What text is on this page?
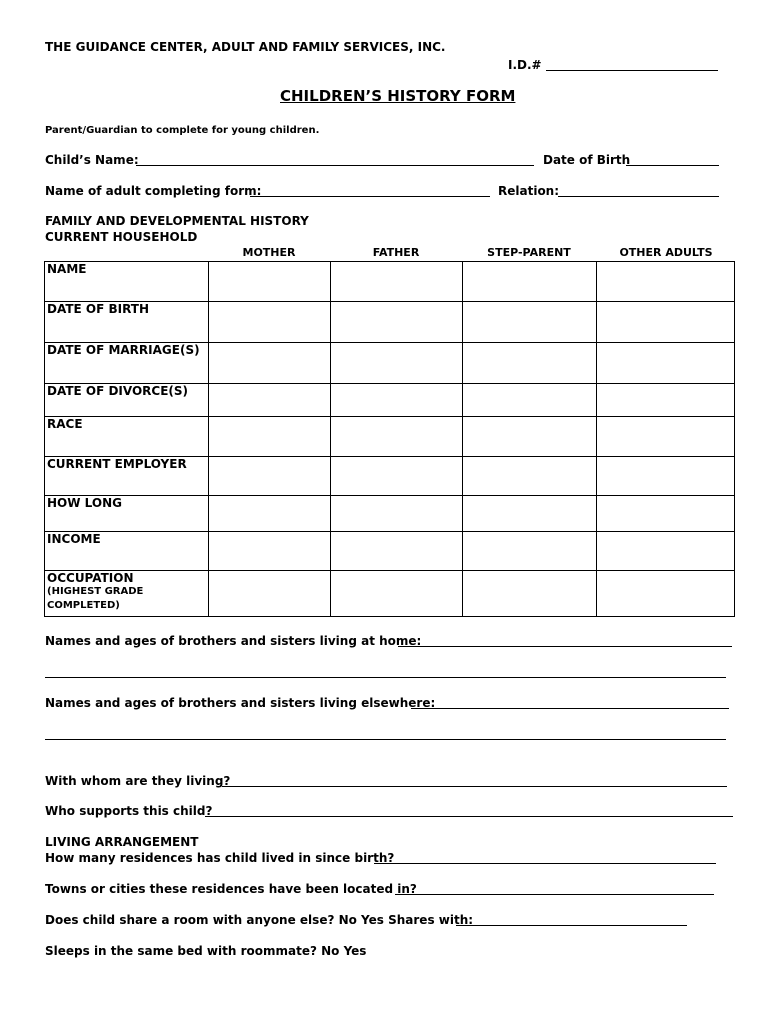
THE GUIDANCE CENTER, ADULT AND FAMILY SERVICES, INC.
I.D.#
CHILDREN’S HISTORY FORM
Parent/Guardian to complete for young children.
Child’s Name:	Date of Birth
Name of adult completing form:	Relation:
FAMILY AND DEVELOPMENTAL HISTORY
CURRENT HOUSEHOLD
MOTHER	FATHER	STEP-PARENT	OTHER ADULTS
NAME				
DATE OF BIRTH				
DATE OF MARRIAGE(S)				
DATE OF DIVORCE(S)				
RACE				
CURRENT EMPLOYER				
HOW LONG				
INCOME				

OCCUPATION
(HIGHEST GRADE
COMPLETED)				

Names and ages of brothers and sisters living at home:
Names and ages of brothers and sisters living elsewhere:
With whom are they living?
Who supports this child?
LIVING ARRANGEMENT
How many residences has child lived in since birth?
Towns or cities these residences have been located in?
Does child share a room with anyone else? No Yes Shares with:
Sleeps in the same bed with roommate? No Yes
